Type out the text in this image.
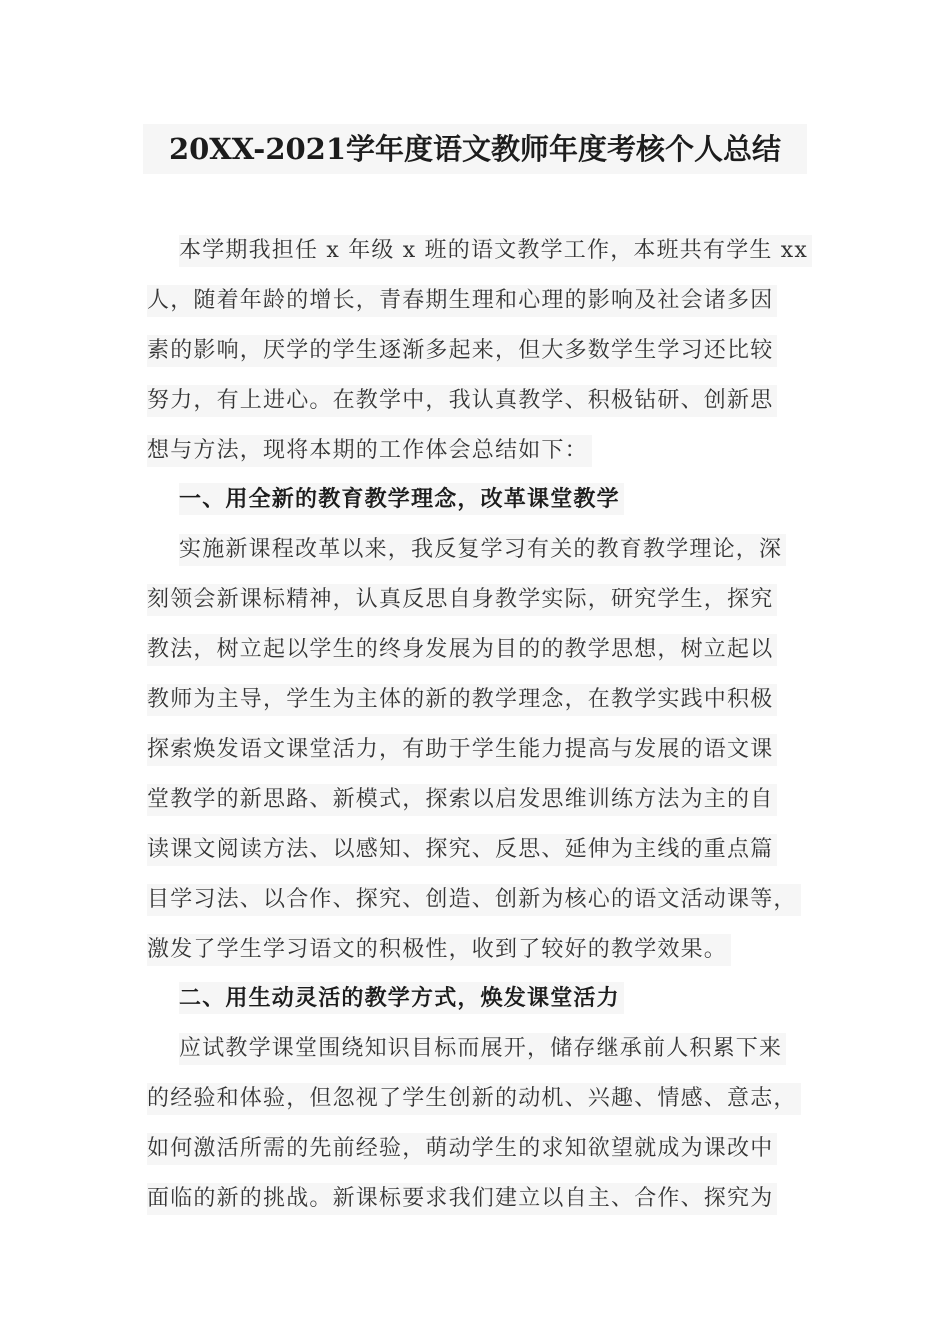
20XX-2021学年度语文教师年度考核个人总结
本学期我担任 x 年级 x 班的语文教学工作，本班共有学生 xx
人，随着年龄的增长，青春期生理和心理的影响及社会诸多因
素的影响，厌学的学生逐渐多起来，但大多数学生学习还比较
努力，有上进心。在教学中，我认真教学、积极钻研、创新思
想与方法，现将本期的工作体会总结如下：
一、用全新的教育教学理念，改革课堂教学
实施新课程改革以来，我反复学习有关的教育教学理论，深
刻领会新课标精神，认真反思自身教学实际，研究学生，探究
教法，树立起以学生的终身发展为目的的教学思想，树立起以
教师为主导，学生为主体的新的教学理念，在教学实践中积极
探索焕发语文课堂活力，有助于学生能力提高与发展的语文课
堂教学的新思路、新模式，探索以启发思维训练方法为主的自
读课文阅读方法、以感知、探究、反思、延伸为主线的重点篇
目学习法、以合作、探究、创造、创新为核心的语文活动课等，
激发了学生学习语文的积极性，收到了较好的教学效果。
二、用生动灵活的教学方式，焕发课堂活力
应试教学课堂围绕知识目标而展开，储存继承前人积累下来
的经验和体验，但忽视了学生创新的动机、兴趣、情感、意志，
如何激活所需的先前经验，萌动学生的求知欲望就成为课改中
面临的新的挑战。新课标要求我们建立以自主、合作、探究为
